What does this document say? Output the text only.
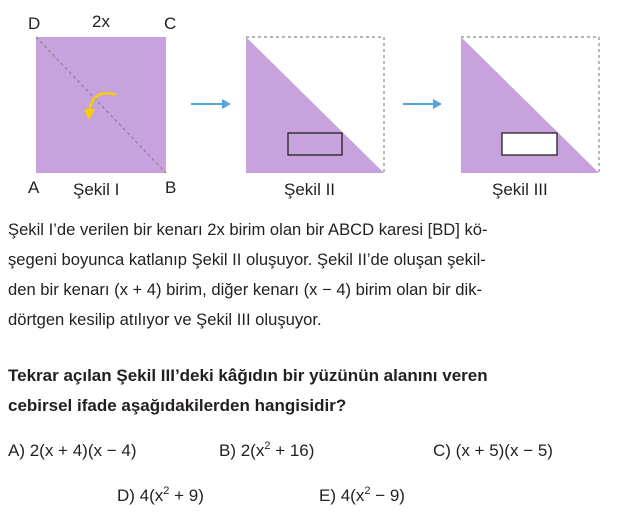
D	2x	C
A	B
Şekil I	Şekil II	Şekil III

Şekil I’de verilen bir kenarı 2x birim olan bir ABCD karesi [BD] kö-

şegeni boyunca katlanıp Şekil II oluşuyor. Şekil II’de oluşan şekil-

den bir kenarı (x + 4) birim, diğer kenarı (x − 4) birim olan bir dik-

dörtgen kesilip atılıyor ve Şekil III oluşuyor.

Tekrar açılan Şekil III’deki kâğıdın bir yüzünün alanını veren
cebirsel ifade aşağıdakilerden hangisidir?
A) 2(x + 4)(x − 4)	B) $2(x^2 + 16)$	C) (x + 5)(x − 5)
D) $4(x^2 + 9)$	E) $4(x^2 - 9)$
